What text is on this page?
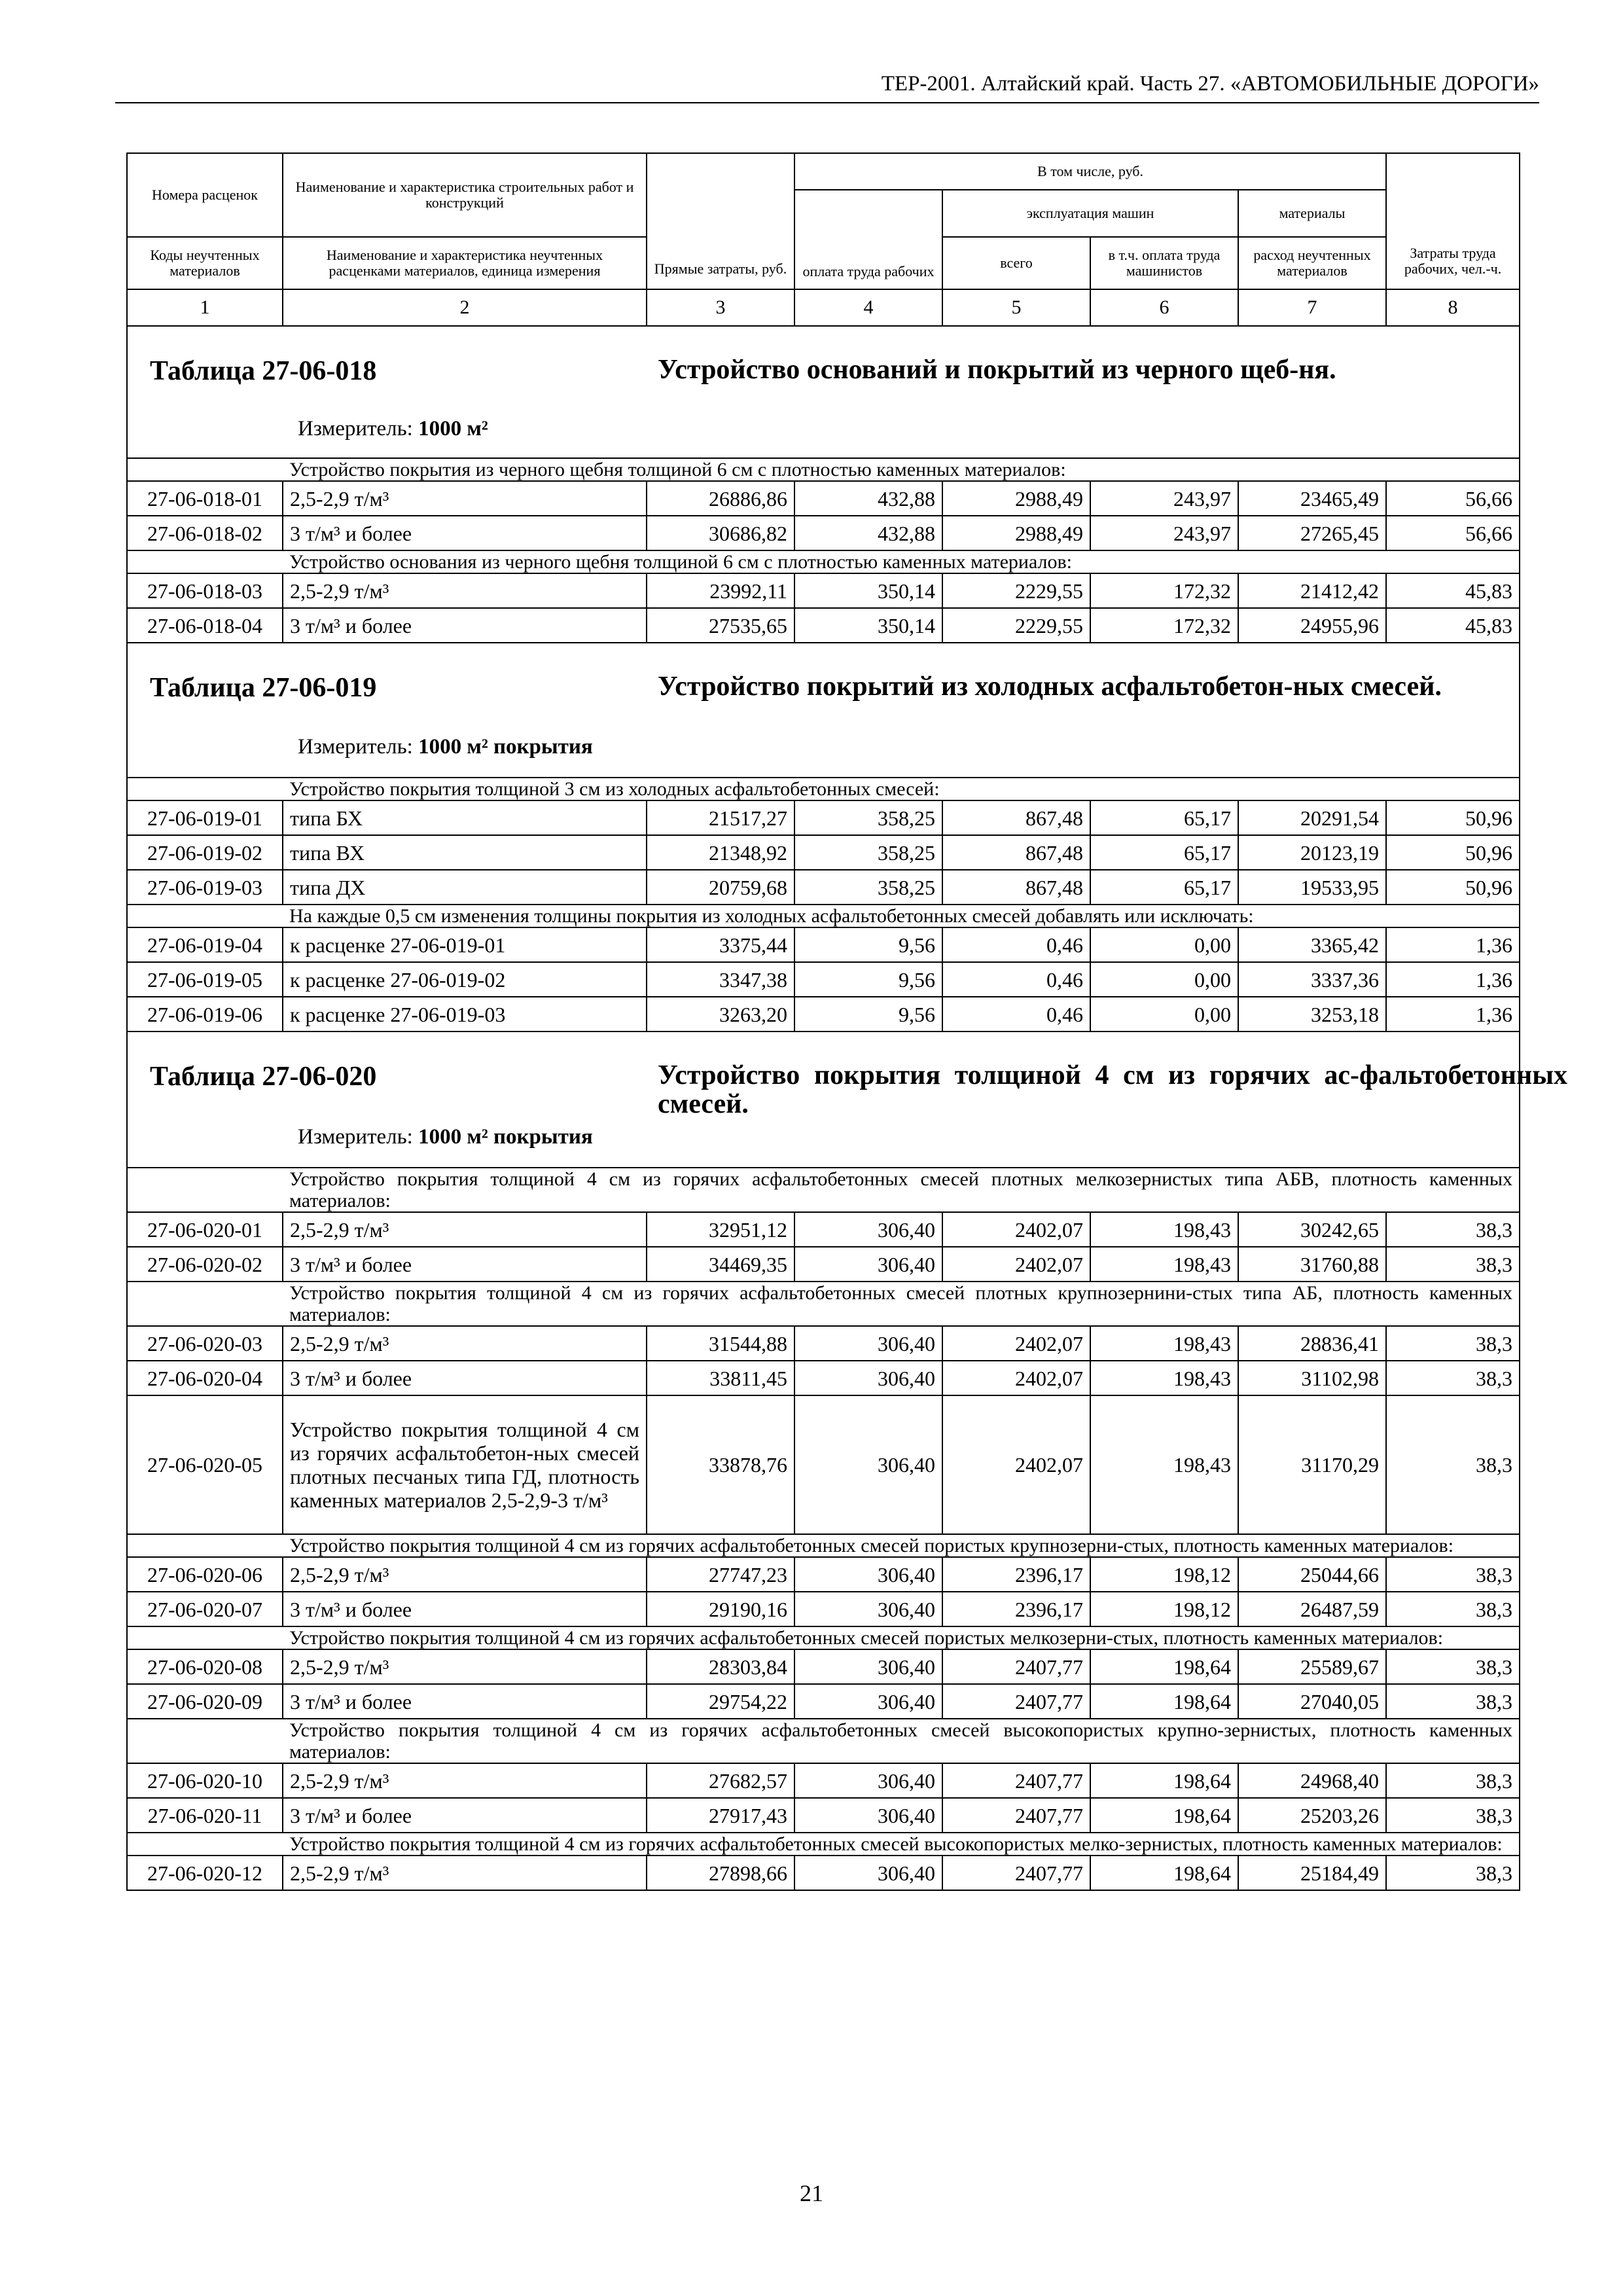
ТЕР-2001. Алтайский край. Часть 27. «АВТОМОБИЛЬНЫЕ ДОРОГИ»
Номера расценок	Наименование и характеристика строительных работ и конструкций	Прямые затраты, руб.	В том числе, руб.				Затраты труда рабочих, чел.-ч.
			оплата труда рабочих	эксплуатация машин		материалы	
Коды неучтенных материалов	Наименование и характеристика неучтенных расценками материалов, единица измерения			всего	в т.ч. оплата труда машинистов	расход неучтенных материалов	
1	2	3	4	5	6	7	8

Таблица 27-06-018 Устройство оснований и покрытий из черного щеб-ня.
Измеритель: 1000 м²							

	Устройство покрытия из черного щебня толщиной 6 см с плотностью каменных материалов:						
27-06-018-01	2,5-2,9 т/м³	26886,86	432,88	2988,49	243,97	23465,49	56,66
27-06-018-02	3 т/м³ и более	30686,82	432,88	2988,49	243,97	27265,45	56,66
	Устройство основания из черного щебня толщиной 6 см с плотностью каменных материалов:						
27-06-018-03	2,5-2,9 т/м³	23992,11	350,14	2229,55	172,32	21412,42	45,83
27-06-018-04	3 т/м³ и более	27535,65	350,14	2229,55	172,32	24955,96	45,83

Таблица 27-06-019 Устройство покрытий из холодных асфальтобетон-ных смесей.
Измеритель: 1000 м² покрытия							

	Устройство покрытия толщиной 3 см из холодных асфальтобетонных смесей:						
27-06-019-01	типа БХ	21517,27	358,25	867,48	65,17	20291,54	50,96
27-06-019-02	типа ВХ	21348,92	358,25	867,48	65,17	20123,19	50,96
27-06-019-03	типа ДХ	20759,68	358,25	867,48	65,17	19533,95	50,96
	На каждые 0,5 см изменения толщины покрытия из холодных асфальтобетонных смесей добавлять или исключать:						
27-06-019-04	к расценке 27-06-019-01	3375,44	9,56	0,46	0,00	3365,42	1,36
27-06-019-05	к расценке 27-06-019-02	3347,38	9,56	0,46	0,00	3337,36	1,36
27-06-019-06	к расценке 27-06-019-03	3263,20	9,56	0,46	0,00	3253,18	1,36

Таблица 27-06-020 Устройство покрытия толщиной 4 см из горячих ас-фальтобетонных смесей.
Измеритель: 1000 м² покрытия							

	Устройство покрытия толщиной 4 см из горячих асфальтобетонных смесей плотных мелкозернистых типа АБВ, плотность каменных материалов:						
27-06-020-01	2,5-2,9 т/м³	32951,12	306,40	2402,07	198,43	30242,65	38,3
27-06-020-02	3 т/м³ и более	34469,35	306,40	2402,07	198,43	31760,88	38,3
	Устройство покрытия толщиной 4 см из горячих асфальтобетонных смесей плотных крупнозернини-стых типа АБ, плотность каменных материалов:						
27-06-020-03	2,5-2,9 т/м³	31544,88	306,40	2402,07	198,43	28836,41	38,3
27-06-020-04	3 т/м³ и более	33811,45	306,40	2402,07	198,43	31102,98	38,3
27-06-020-05	Устройство покрытия толщиной 4 см из горячих асфальтобетон-ных смесей плотных песчаных типа ГД, плотность каменных материалов 2,5-2,9-3 т/м³	33878,76	306,40	2402,07	198,43	31170,29	38,3
	Устройство покрытия толщиной 4 см из горячих асфальтобетонных смесей пористых крупнозерни-стых, плотность каменных материалов:						
27-06-020-06	2,5-2,9 т/м³	27747,23	306,40	2396,17	198,12	25044,66	38,3
27-06-020-07	3 т/м³ и более	29190,16	306,40	2396,17	198,12	26487,59	38,3
	Устройство покрытия толщиной 4 см из горячих асфальтобетонных смесей пористых мелкозерни-стых, плотность каменных материалов:						
27-06-020-08	2,5-2,9 т/м³	28303,84	306,40	2407,77	198,64	25589,67	38,3
27-06-020-09	3 т/м³ и более	29754,22	306,40	2407,77	198,64	27040,05	38,3
	Устройство покрытия толщиной 4 см из горячих асфальтобетонных смесей высокопористых крупно-зернистых, плотность каменных материалов:						
27-06-020-10	2,5-2,9 т/м³	27682,57	306,40	2407,77	198,64	24968,40	38,3
27-06-020-11	3 т/м³ и более	27917,43	306,40	2407,77	198,64	25203,26	38,3
	Устройство покрытия толщиной 4 см из горячих асфальтобетонных смесей высокопористых мелко-зернистых, плотность каменных материалов:						
27-06-020-12	2,5-2,9 т/м³	27898,66	306,40	2407,77	198,64	25184,49	38,3
21
